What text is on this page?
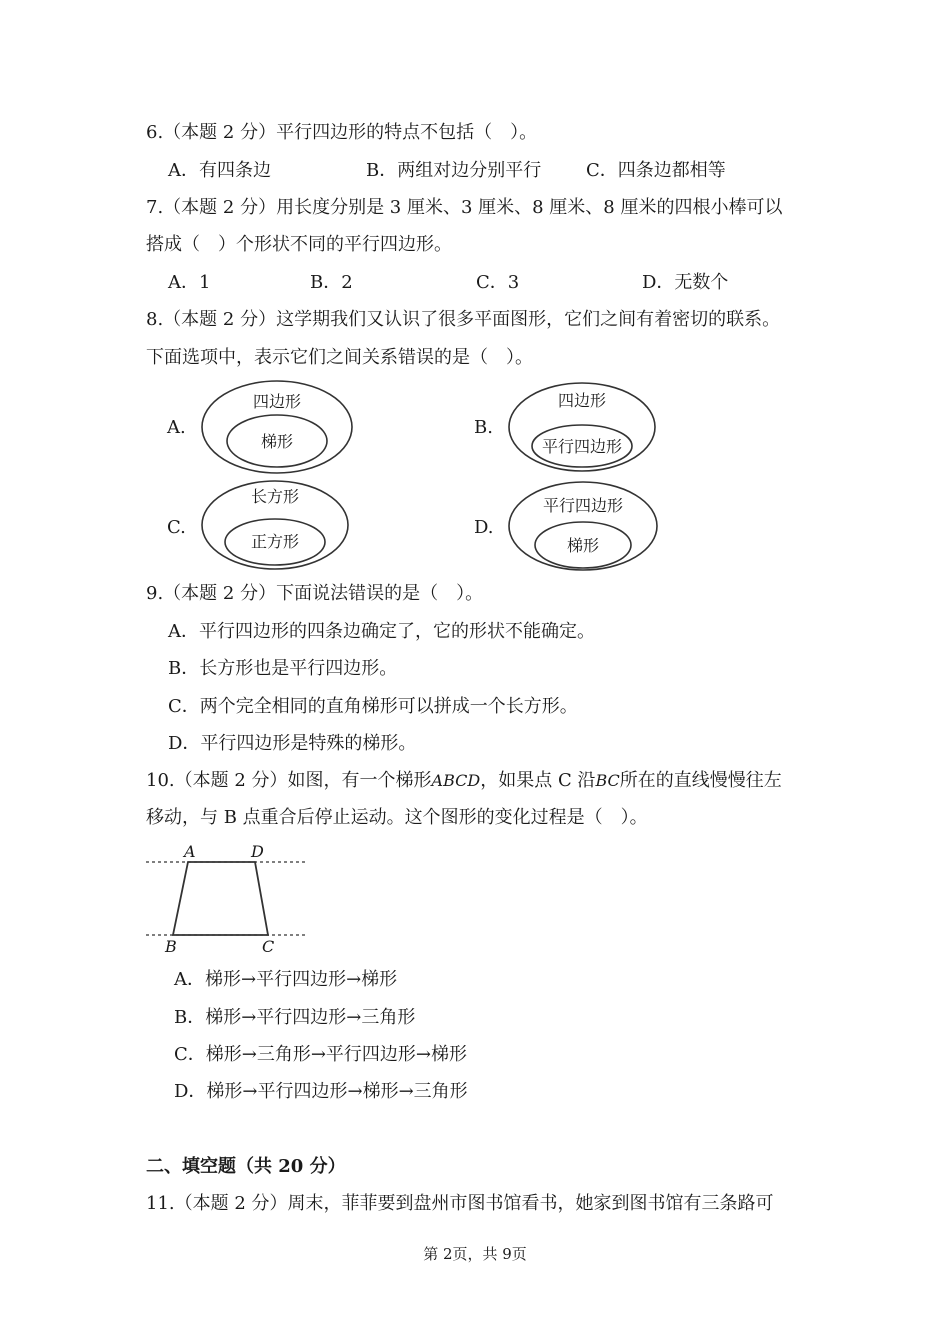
6.（本题 2 分）平行四边形的特点不包括（　）。
A．有四条边	B．两组对边分别平行 C．四条边都相等
7.（本题 2 分）用长度分别是 3 厘米、3 厘米、8 厘米、8 厘米的四根小棒可以
搭成（　）个形状不同的平行四边形。
A．1	B．2	C．3	D．无数个
8.（本题 2 分）这学期我们又认识了很多平面图形，它们之间有着密切的联系。
下面选项中，表示它们之间关系错误的是（　）。
四边形
梯形
四边形
平行四边形
长方形
正方形
平行四边形
梯形
A.	B.
C.	D.
A	D
B	C
9.（本题 2 分）下面说法错误的是（　）。
A．平行四边形的四条边确定了，它的形状不能确定。
B．长方形也是平行四边形。
C．两个完全相同的直角梯形可以拼成一个长方形。
D．平行四边形是特殊的梯形。
10.（本题 2 分）如图，有一个梯形ABCD，如果点 C 沿BC所在的直线慢慢往左
移动，与 B 点重合后停止运动。这个图形的变化过程是（　）。
A．梯形→平行四边形→梯形
B．梯形→平行四边形→三角形
C．梯形→三角形→平行四边形→梯形
D．梯形→平行四边形→梯形→三角形
二、填空题（共 20 分）
11.（本题 2 分）周末，菲菲要到盘州市图书馆看书，她家到图书馆有三条路可
第 2页，共 9页
